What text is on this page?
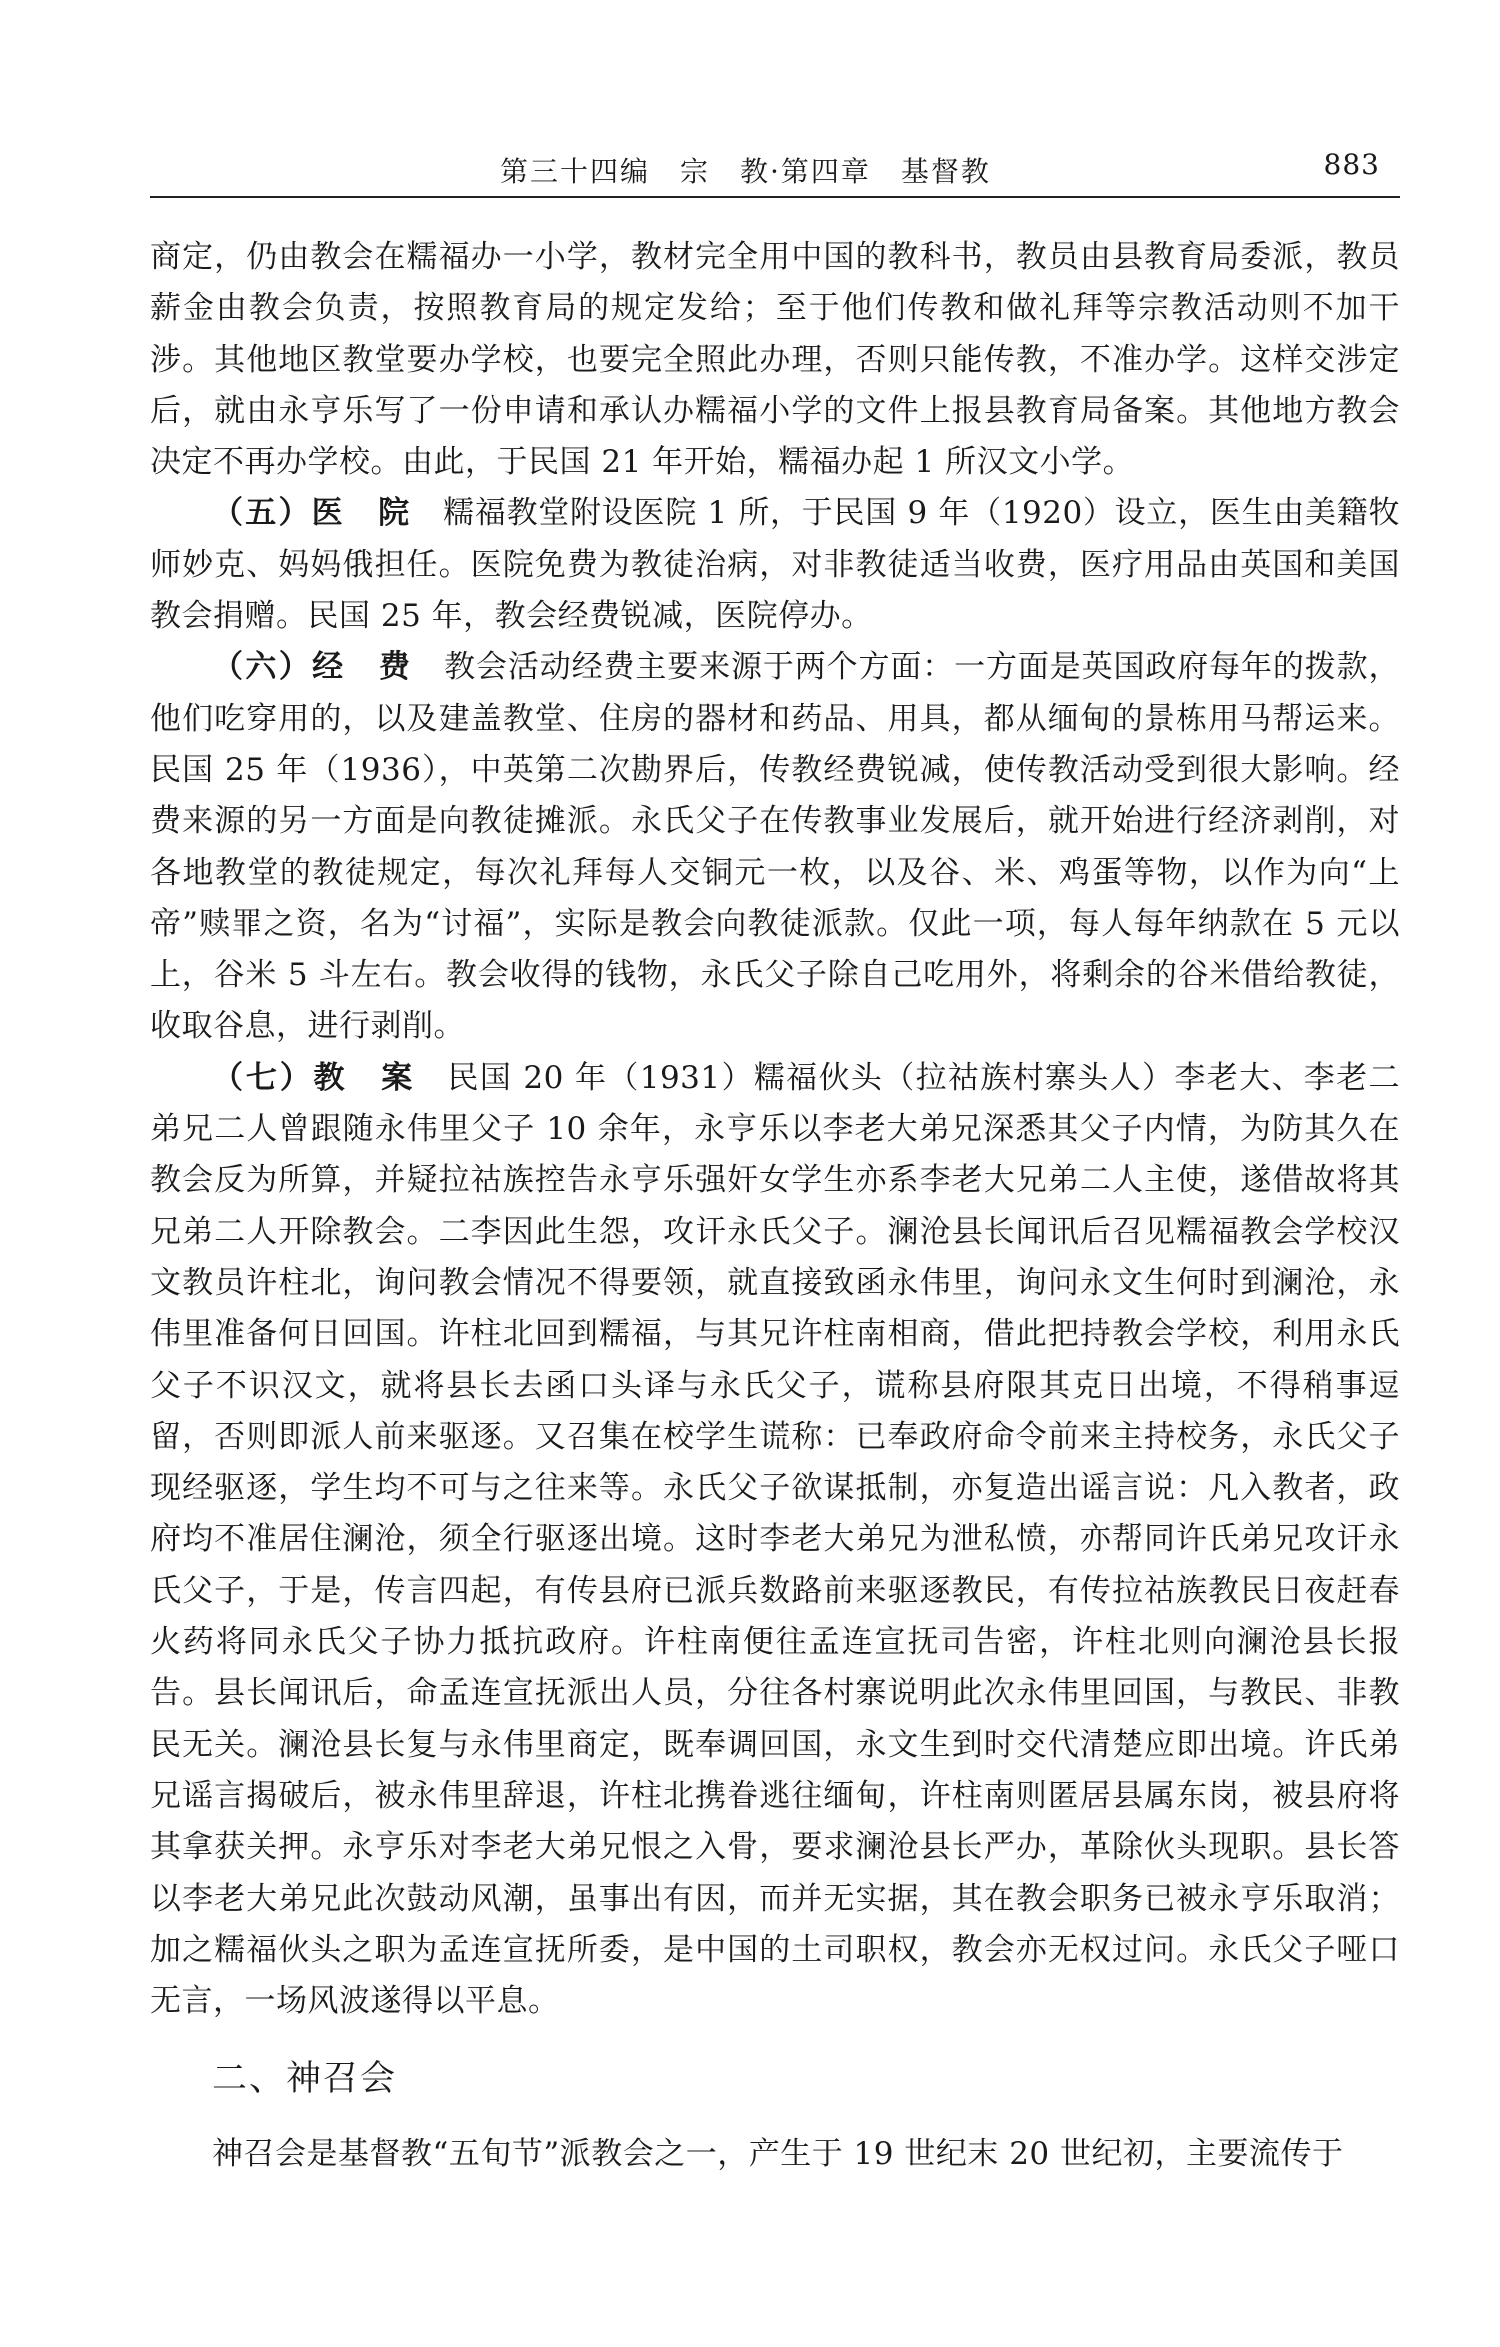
第三十四编　宗　教·第四章　基督教	883

商定，仍由教会在糯福办一小学，教材完全用中国的教科书，教员由县教育局委派，教员薪金由教会负责，按照教育局的规定发给；至于他们传教和做礼拜等宗教活动则不加干涉。其他地区教堂要办学校，也要完全照此办理，否则只能传教，不准办学。这样交涉定后，就由永亨乐写了一份申请和承认办糯福小学的文件上报县教育局备案。其他地方教会决定不再办学校。由此，于民国 21 年开始，糯福办起 1 所汉文小学。

（五）医　院　 糯福教堂附设医院 1 所，于民国 9 年（1920）设立，医生由美籍牧师妙克、妈妈俄担任。医院免费为教徒治病，对非教徒适当收费，医疗用品由英国和美国教会捐赠。民国 25 年，教会经费锐减，医院停办。

（六）经　费　 教会活动经费主要来源于两个方面：一方面是英国政府每年的拨款，他们吃穿用的，以及建盖教堂、住房的器材和药品、用具，都从缅甸的景栋用马帮运来。民国 25 年（1936），中英第二次勘界后，传教经费锐减，使传教活动受到很大影响。经费来源的另一方面是向教徒摊派。永氏父子在传教事业发展后，就开始进行经济剥削，对各地教堂的教徒规定，每次礼拜每人交铜元一枚，以及谷、米、鸡蛋等物，以作为向“上帝”赎罪之资，名为“讨福”，实际是教会向教徒派款。仅此一项，每人每年纳款在 5 元以上，谷米 5 斗左右。教会收得的钱物，永氏父子除自己吃用外，将剩余的谷米借给教徒，收取谷息，进行剥削。

（七）教　案　 民国 20 年（1931）糯福伙头（拉祜族村寨头人）李老大、李老二弟兄二人曾跟随永伟里父子 10 余年，永亨乐以李老大弟兄深悉其父子内情，为防其久在教会反为所算，并疑拉祜族控告永亨乐强奸女学生亦系李老大兄弟二人主使，遂借故将其兄弟二人开除教会。二李因此生怨，攻讦永氏父子。澜沧县长闻讯后召见糯福教会学校汉文教员许柱北，询问教会情况不得要领，就直接致函永伟里，询问永文生何时到澜沧，永伟里准备何日回国。许柱北回到糯福，与其兄许柱南相商，借此把持教会学校，利用永氏父子不识汉文，就将县长去函口头译与永氏父子，谎称县府限其克日出境，不得稍事逗留，否则即派人前来驱逐。又召集在校学生谎称：已奉政府命令前来主持校务，永氏父子现经驱逐，学生均不可与之往来等。永氏父子欲谋抵制，亦复造出谣言说：凡入教者，政府均不准居住澜沧，须全行驱逐出境。这时李老大弟兄为泄私愤，亦帮同许氏弟兄攻讦永氏父子，于是，传言四起，有传县府已派兵数路前来驱逐教民，有传拉祜族教民日夜赶春火药将同永氏父子协力抵抗政府。许柱南便往孟连宣抚司告密，许柱北则向澜沧县长报告。县长闻讯后，命孟连宣抚派出人员，分往各村寨说明此次永伟里回国，与教民、非教民无关。澜沧县长复与永伟里商定，既奉调回国，永文生到时交代清楚应即出境。许氏弟兄谣言揭破后，被永伟里辞退，许柱北携眷逃往缅甸，许柱南则匿居县属东岗，被县府将其拿获关押。永亨乐对李老大弟兄恨之入骨，要求澜沧县长严办，革除伙头现职。县长答以李老大弟兄此次鼓动风潮，虽事出有因，而并无实据，其在教会职务已被永亨乐取消；加之糯福伙头之职为孟连宣抚所委，是中国的土司职权，教会亦无权过问。永氏父子哑口无言，一场风波遂得以平息。

二、神召会

神召会是基督教“五旬节”派教会之一，产生于 19 世纪末 20 世纪初，主要流传于
